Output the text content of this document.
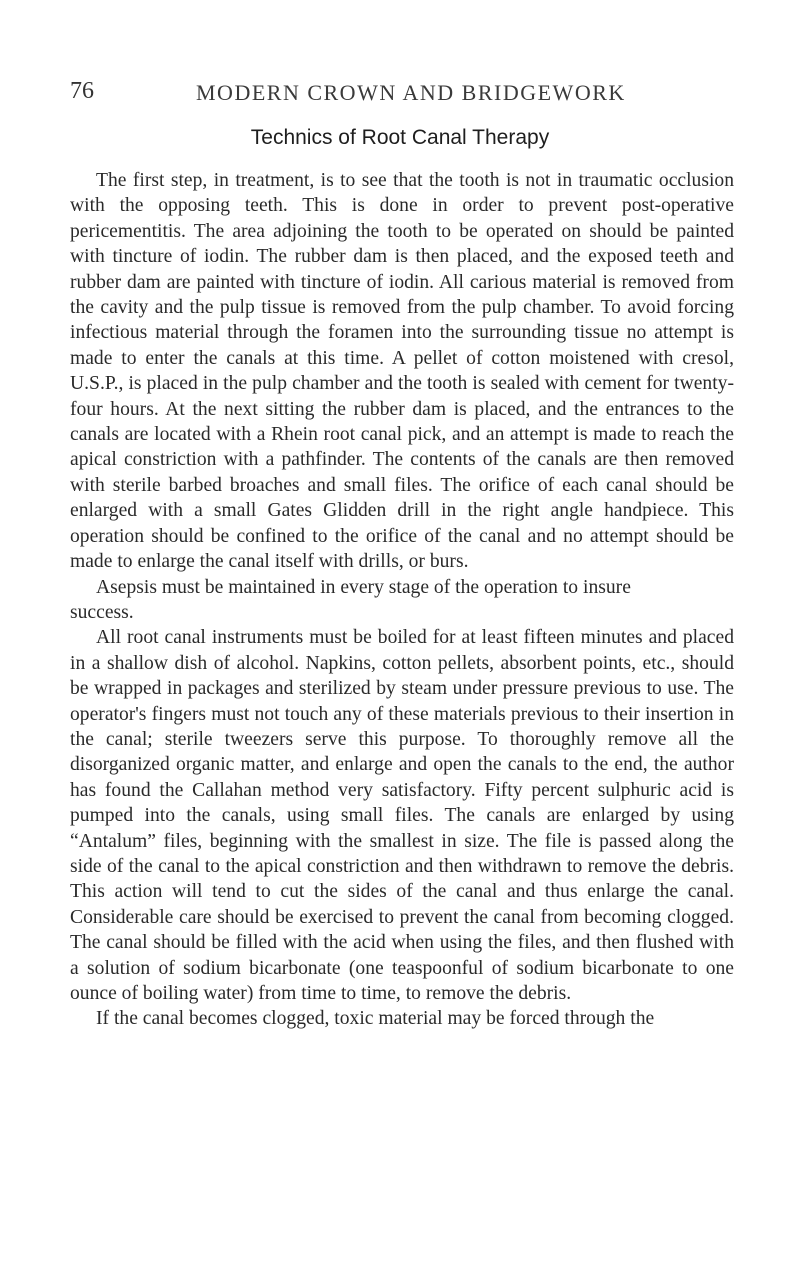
76	MODERN CROWN AND BRIDGEWORK
Technics of Root Canal Therapy

The first step, in treatment, is to see that the tooth is not in traumatic occlusion with the opposing teeth. This is done in order to prevent post-operative pericementitis. The area adjoining the tooth to be operated on should be painted with tincture of iodin. The rubber dam is then placed, and the exposed teeth and rubber dam are painted with tincture of iodin. All carious material is removed from the cavity and the pulp tissue is removed from the pulp chamber. To avoid forcing infectious material through the foramen into the surrounding tissue no attempt is made to enter the canals at this time. A pellet of cotton moistened with cresol, U.S.P., is placed in the pulp chamber and the tooth is sealed with cement for twenty-four hours. At the next sitting the rubber dam is placed, and the entrances to the canals are located with a Rhein root canal pick, and an attempt is made to reach the apical constriction with a pathfinder. The contents of the canals are then removed with sterile barbed broaches and small files. The orifice of each canal should be enlarged with a small Gates Glidden drill in the right angle handpiece. This operation should be confined to the orifice of the canal and no attempt should be made to enlarge the canal itself with drills, or burs.

Asepsis must be maintained in every stage of the operation to insure

success.

All root canal instruments must be boiled for at least fifteen minutes and placed in a shallow dish of alcohol. Napkins, cotton pellets, absorbent points, etc., should be wrapped in packages and sterilized by steam under pressure previous to use. The operator's fingers must not touch any of these materials previous to their insertion in the canal; sterile tweezers serve this purpose. To thoroughly remove all the disorganized organic matter, and enlarge and open the canals to the end, the author has found the Callahan method very satisfactory. Fifty percent sulphuric acid is pumped into the canals, using small files. The canals are enlarged by using “Antalum” files, beginning with the smallest in size. The file is passed along the side of the canal to the apical constriction and then withdrawn to remove the debris. This action will tend to cut the sides of the canal and thus enlarge the canal. Considerable care should be exercised to prevent the canal from becoming clogged. The canal should be filled with the acid when using the files, and then flushed with a solution of sodium bicarbonate (one teaspoonful of sodium bicarbonate to one ounce of boiling water) from time to time, to remove the debris.

If the canal becomes clogged, toxic material may be forced through the
